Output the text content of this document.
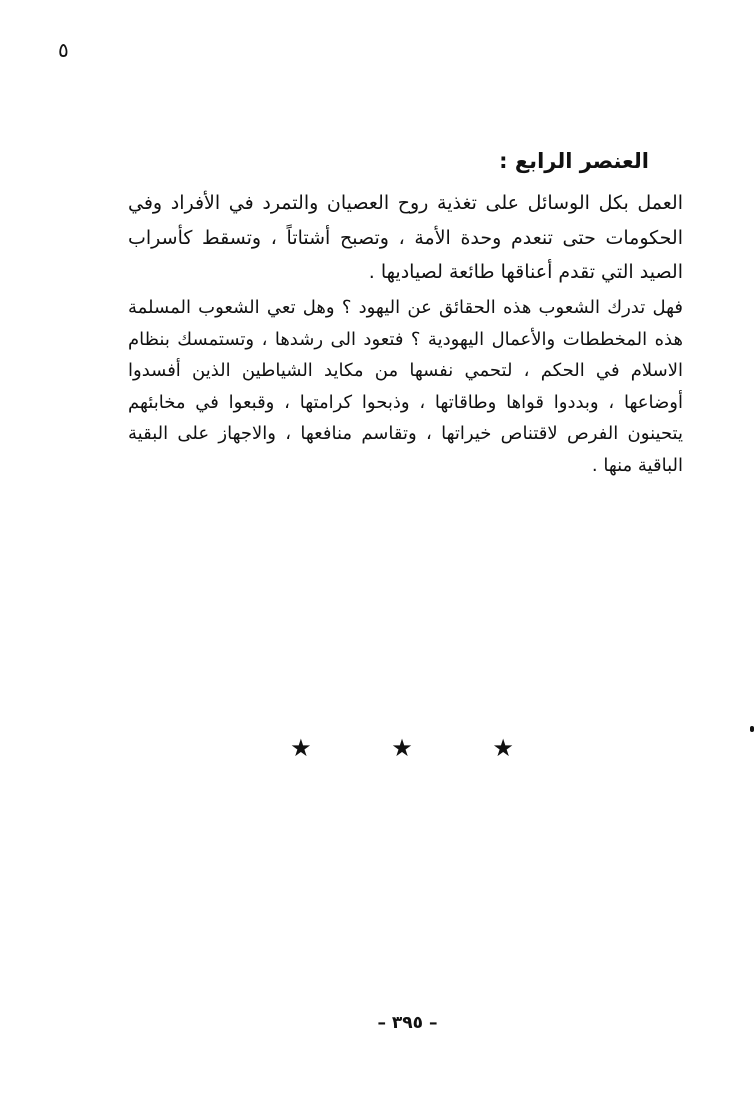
٥
العنصر الرابع :

العمل بكل الوسائل على تغذية روح العصيان والتمرد في الأفراد وفي الحكومات حتى تنعدم وحدة الأمة ، وتصبح أشتاتاً ، وتسقط كأسراب الصيد التي تقدم أعناقها طائعة لصياديها .

فهل تدرك الشعوب هذه الحقائق عن اليهود ؟ وهل تعي الشعوب المسلمة هذه المخططات والأعمال اليهودية ؟ فتعود الى رشدها ، وتستمسك بنظام الاسلام في الحكم ، لتحمي نفسها من مكايد الشياطين الذين أفسدوا أوضاعها ، وبددوا قواها وطاقاتها ، وذبحوا كرامتها ، وقبعوا في مخابئهم يتحينون الفرص لاقتناص خيراتها ، وتقاسم منافعها ، والاجهاز على البقية الباقية منها .

★ ★ ★
– ٣٩٥ –
